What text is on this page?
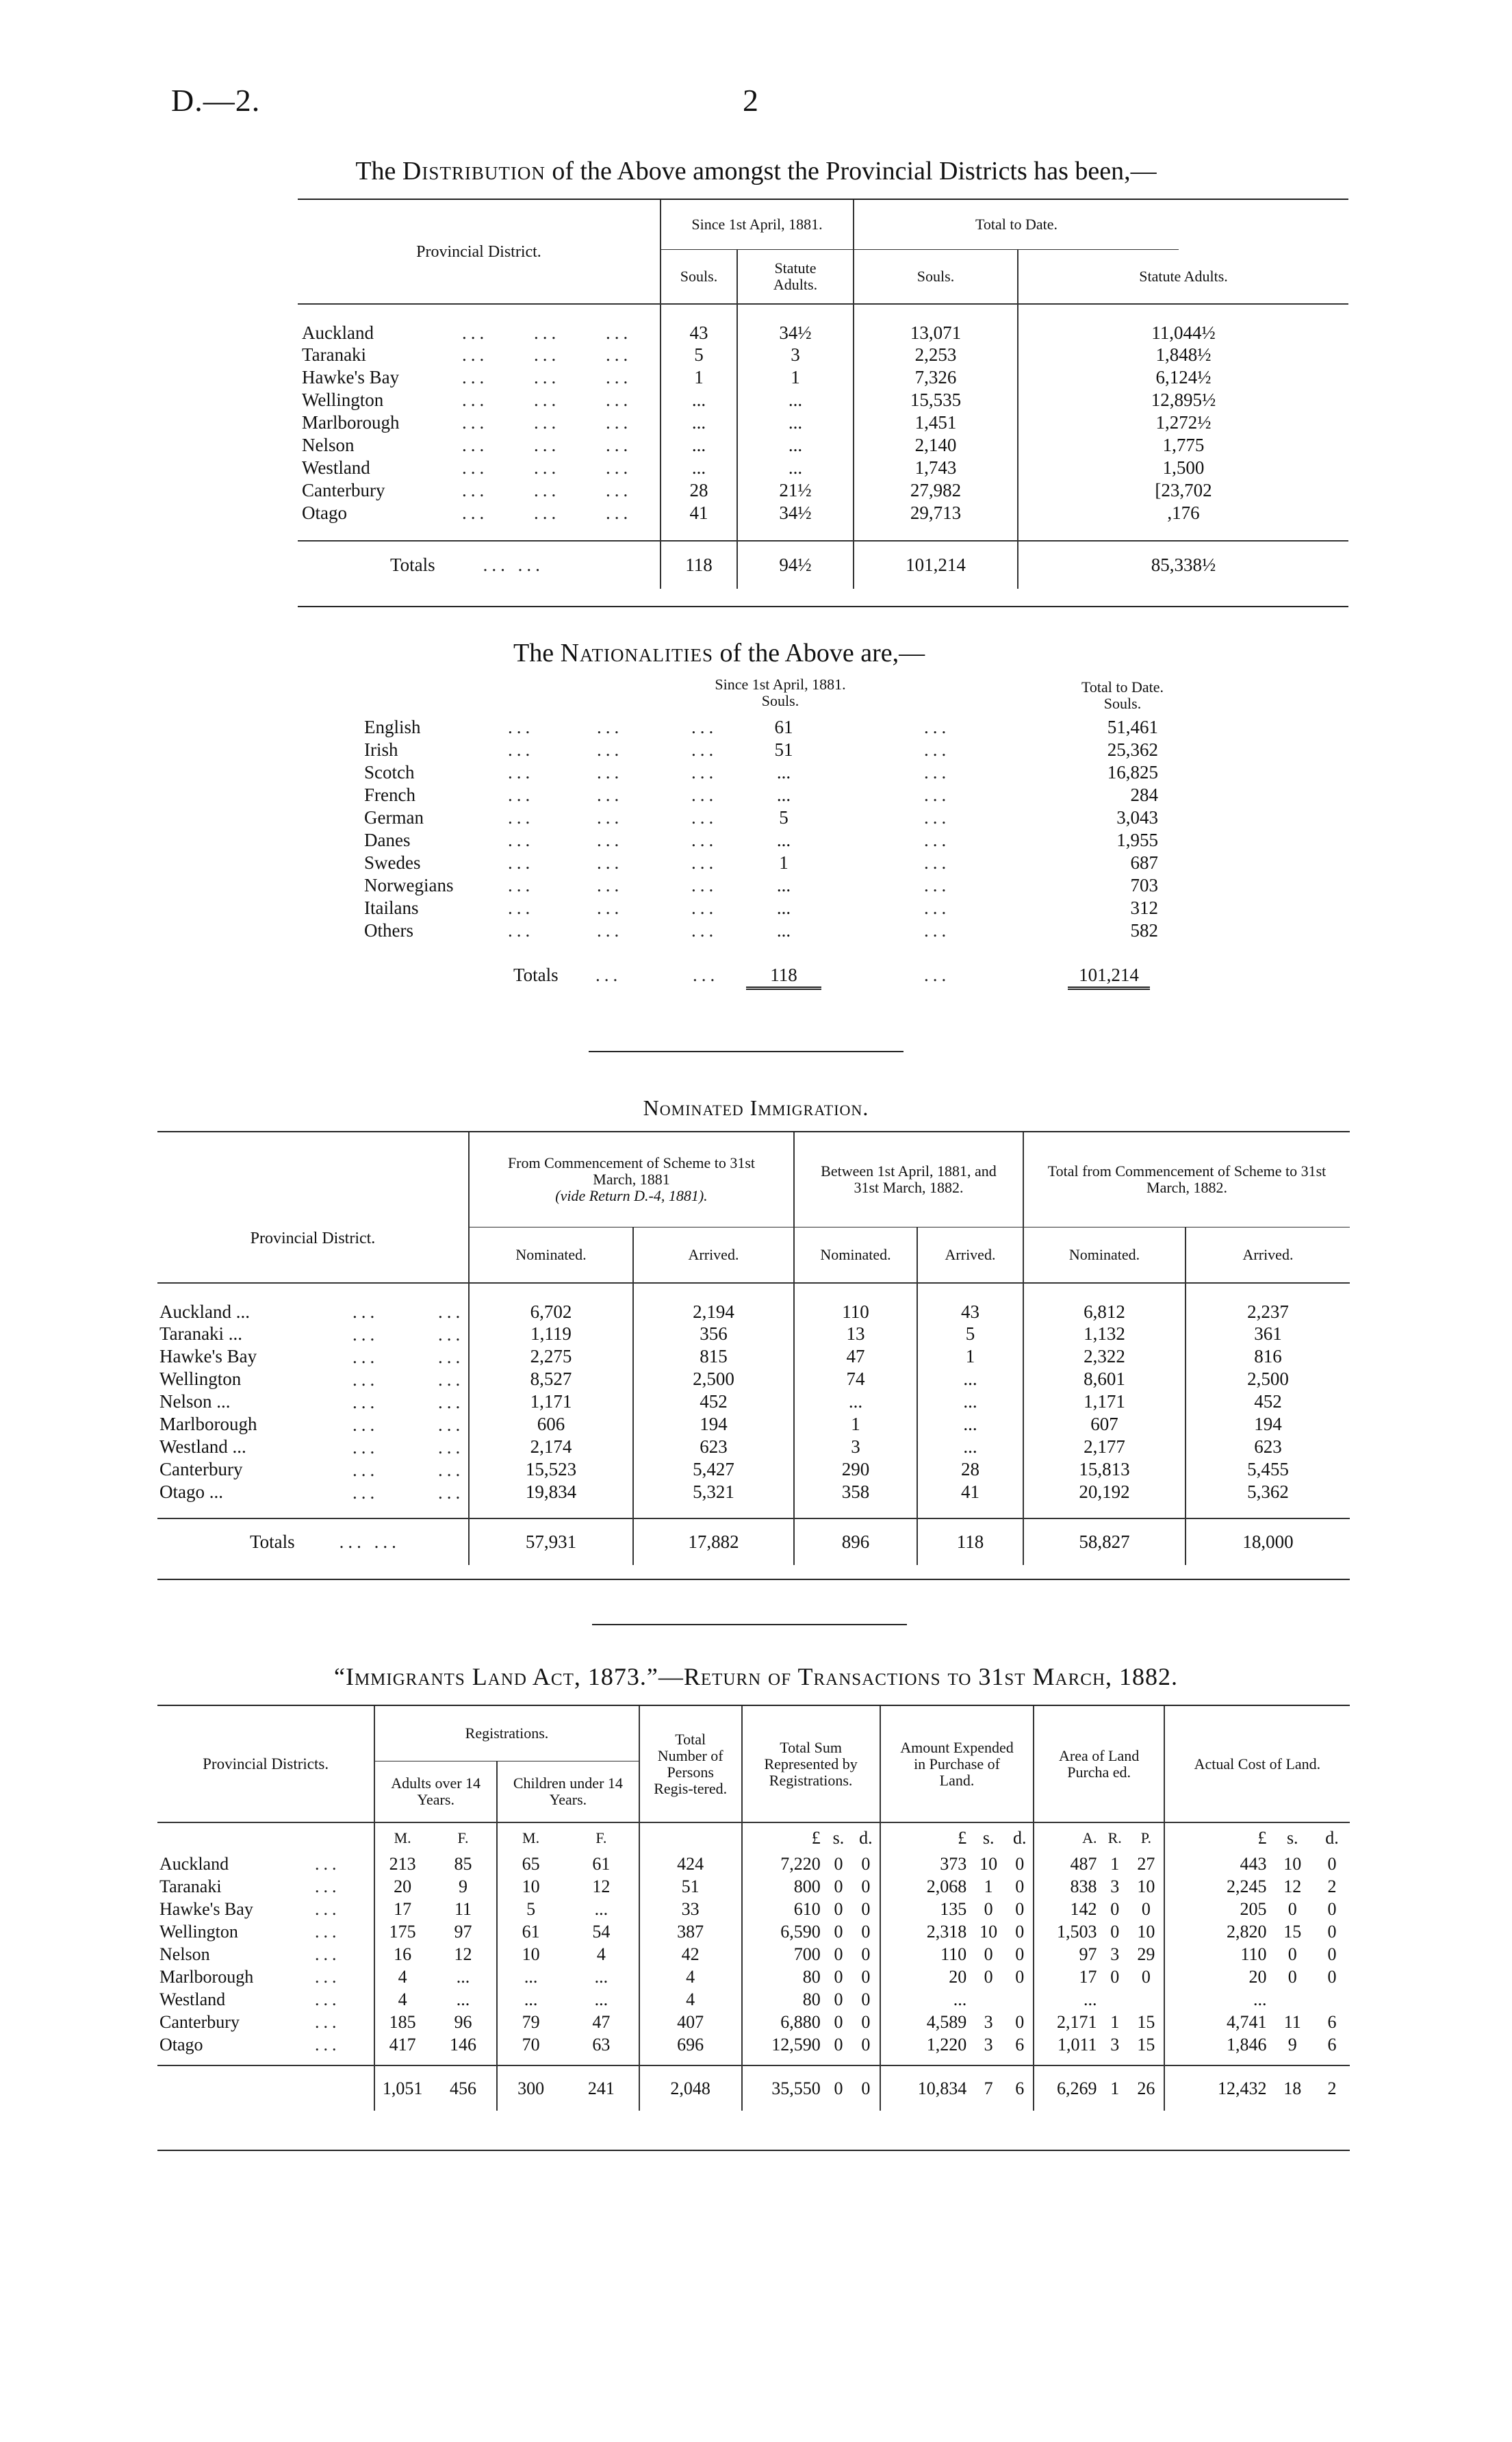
D.—2.	2
The Distribution of the Above amongst the Provincial Districts has been,—
Provincial District.	Since 1st April, 1881.		Total to Date.		
	Souls.	Statute Adults.	Souls.	Statute Adults.	
Auckland ... ... ...	43	34½	13,071	11,044½	
Taranaki ... ... ...	5	3	2,253	1,848½	
Hawke's Bay ... ... ...	1	1	7,326	6,124½	
Wellington ... ... ...	...	...	15,535	12,895½	
Marlborough ... ... ...	...	...	1,451	1,272½	
Nelson ... ... ...	...	...	2,140	1,775	
Westland ... ... ...	...	...	1,743	1,500	
Canterbury ... ... ...	28	21½	27,982	[23,702	
Otago ... ... ...	41	34½	29,713	,176	

Totals ... ...	118	94½	101,214	85,338½	
The Nationalities of the Above are,—
Since 1st April, 1881.
Souls.
Total to Date.
Souls.
English	...	...	...	61	...	51,461
Irish	...	...	...	51	...	25,362
Scotch	...	...	...	...	...	16,825
French	...	...	...	...	...	284
German	...	...	...	5	...	3,043
Danes	...	...	...	...	...	1,955
Swedes	...	...	...	1	...	687
Norwegians	...	...	...	...	...	703
Itailans	...	...	...	...	...	312
Others	...	...	...	...	...	582
Totals ...	...	118	...	101,214
Nominated Immigration.
Provincial District.	From Commencement of Scheme to 31st March, 1881
(vide Return D.-4, 1881).		Between 1st April, 1881, and 31st March, 1882.		Total from Commencement of Scheme to 31st March, 1882.	
	Nominated.	Arrived.	Nominated.	Arrived.	Nominated.	Arrived.
Auckland ... ... ...	6,702	2,194	110	43	6,812	2,237
Taranaki ... ... ...	1,119	356	13	5	1,132	361
Hawke's Bay ... ...	2,275	815	47	1	2,322	816
Wellington ... ...	8,527	2,500	74	...	8,601	2,500
Nelson ... ... ...	1,171	452	...	...	1,171	452
Marlborough ... ...	606	194	1	...	607	194
Westland ... ... ...	2,174	623	3	...	2,177	623
Canterbury ... ...	15,523	5,427	290	28	15,813	5,455
Otago ... ... ...	19,834	5,321	358	41	20,192	5,362

Totals ... ...	57,931	17,882	896	118	58,827	18,000
“Immigrants Land Act, 1873.”—Return of Transactions to 31st March, 1882.
Provincial Districts.	Registrations.				Total Number of Persons Regis-tered.	Total Sum Represented by Registrations.			Amount Expended in Purchase of Land.			Area of Land Purcha ed.			Actual Cost of Land.		
	Adults over 14 Years.		Children under 14 Years.														
	M.	F.	M.	F.		£	s.	d.	£	s.	d.	A.	R.	P.	£	s.	d.
Auckland ...	213	85	65	61	424	7,220	0	0	373	10	0	487	1	27	443	10	0
Taranaki ...	20	9	10	12	51	800	0	0	2,068	1	0	838	3	10	2,245	12	2
Hawke's Bay ...	17	11	5	...	33	610	0	0	135	0	0	142	0	0	205	0	0
Wellington ...	175	97	61	54	387	6,590	0	0	2,318	10	0	1,503	0	10	2,820	15	0
Nelson ...	16	12	10	4	42	700	0	0	110	0	0	97	3	29	110	0	0
Marlborough ...	4	...	...	...	4	80	0	0	20	0	0	17	0	0	20	0	0
Westland ...	4	...	...	...	4	80	0	0	...			...			...		
Canterbury ...	185	96	79	47	407	6,880	0	0	4,589	3	0	2,171	1	15	4,741	11	6
Otago ...	417	146	70	63	696	12,590	0	0	1,220	3	6	1,011	3	15	1,846	9	6

	1,051	456	300	241	2,048	35,550	0	0	10,834	7	6	6,269	1	26	12,432	18	2
